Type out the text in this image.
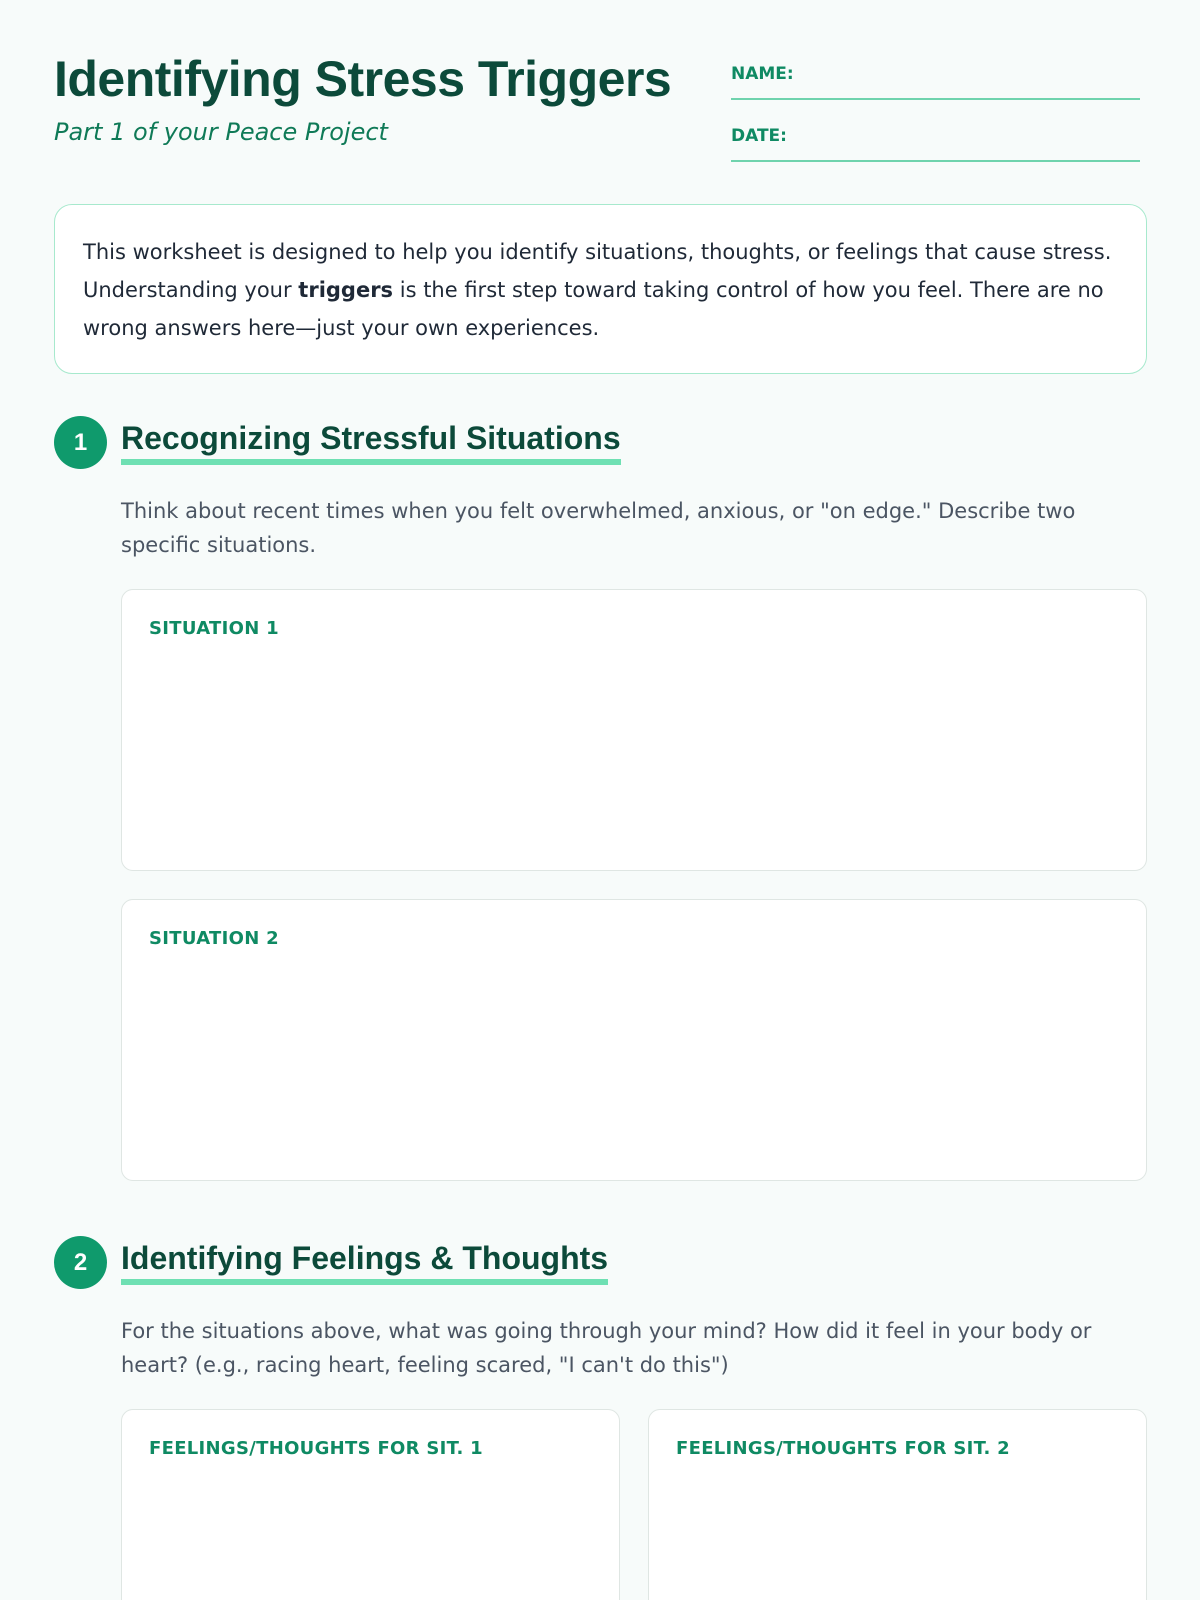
Identifying Stress Triggers
Part 1 of your Peace Project
NAME:
DATE:
This worksheet is designed to help you identify situations, thoughts, or feelings that cause stress. Understanding your triggers is the first step toward taking control of how you feel. There are no wrong answers here—just your own experiences.
1	Recognizing Stressful Situations
Think about recent times when you felt overwhelmed, anxious, or "on edge." Describe two specific situations.
SITUATION 1
SITUATION 2
2	Identifying Feelings & Thoughts
For the situations above, what was going through your mind? How did it feel in your body or heart? (e.g., racing heart, feeling scared, "I can't do this")
FEELINGS/THOUGHTS FOR SIT. 1	FEELINGS/THOUGHTS FOR SIT. 2
